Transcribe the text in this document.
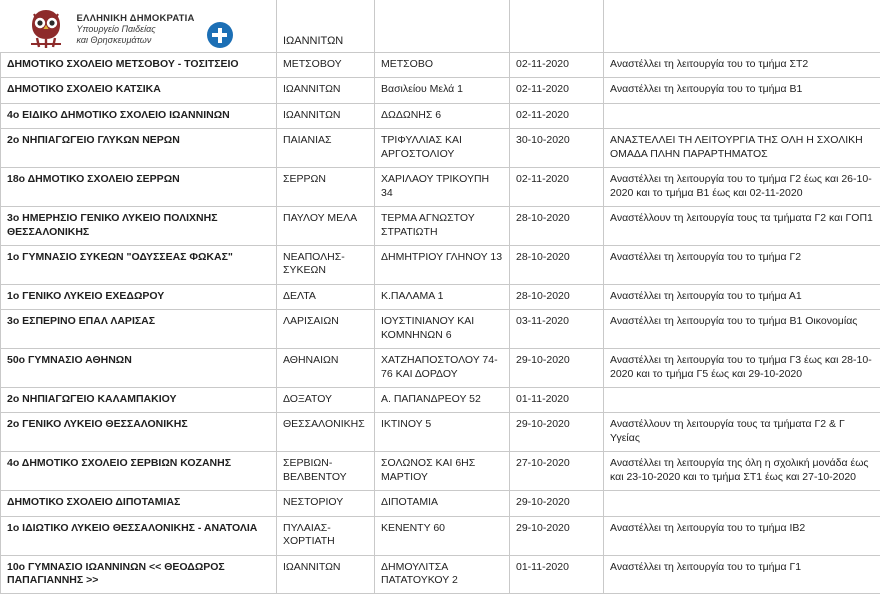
ΕΛΛΗΝΙΚΗ ΔΗΜΟΚΡΑΤΙΑ
Υπουργείο Παιδείας
και Θρησκευμάτων	ΙΩΑΝΝΙΤΩΝ			
ΔΗΜΟΤΙΚΟ ΣΧΟΛΕΙΟ ΜΕΤΣΟΒΟΥ - ΤΟΣΙΤΣΕΙΟ	ΜΕΤΣΟΒΟΥ	ΜΕΤΣΟΒΟ	02-11-2020	Αναστέλλει τη λειτουργία του το τμήμα ΣΤ2
ΔΗΜΟΤΙΚΟ ΣΧΟΛΕΙΟ ΚΑΤΣΙΚΑ	ΙΩΑΝΝΙΤΩΝ	Βασιλείου Μελά 1	02-11-2020	Αναστέλλει τη λειτουργία του το τμήμα Β1
4ο ΕΙΔΙΚΟ ΔΗΜΟΤΙΚΟ ΣΧΟΛΕΙΟ ΙΩΑΝΝΙΝΩΝ	ΙΩΑΝΝΙΤΩΝ	ΔΩΔΩΝΗΣ 6	02-11-2020	
2ο ΝΗΠΙΑΓΩΓΕΙΟ ΓΛΥΚΩΝ ΝΕΡΩΝ	ΠΑΙΑΝΙΑΣ	ΤΡΙΦΥΛΛΙΑΣ ΚΑΙ ΑΡΓΟΣΤΟΛΙΟΥ	30-10-2020	ΑΝΑΣΤΕΛΛΕΙ ΤΗ ΛΕΙΤΟΥΡΓΙΑ ΤΗΣ ΟΛΗ Η ΣΧΟΛΙΚΗ ΟΜΑΔΑ ΠΛΗΝ ΠΑΡΑΡΤΗΜΑΤΟΣ
18ο ΔΗΜΟΤΙΚΟ ΣΧΟΛΕΙΟ ΣΕΡΡΩΝ	ΣΕΡΡΩΝ	ΧΑΡΙΛΑΟΥ ΤΡΙΚΟΥΠΗ 34	02-11-2020	Αναστέλλει τη λειτουργία του το τμήμα Γ2 έως και 26-10-2020 και το τμήμα Β1 έως και 02-11-2020
3ο ΗΜΕΡΗΣΙΟ ΓΕΝΙΚΟ ΛΥΚΕΙΟ ΠΟΛΙΧΝΗΣ ΘΕΣΣΑΛΟΝΙΚΗΣ	ΠΑΥΛΟΥ ΜΕΛΑ	ΤΕΡΜΑ ΑΓΝΩΣΤΟΥ ΣΤΡΑΤΙΩΤΗ	28-10-2020	Αναστέλλουν τη λειτουργία τους τα τμήματα Γ2 και ΓΟΠ1
1ο ΓΥΜΝΑΣΙΟ ΣΥΚΕΩΝ "ΟΔΥΣΣΕΑΣ ΦΩΚΑΣ"	ΝΕΑΠΟΛΗΣ-ΣΥΚΕΩΝ	ΔΗΜΗΤΡΙΟΥ ΓΛΗΝΟΥ 13	28-10-2020	Αναστέλλει τη λειτουργία του το τμήμα Γ2
1ο ΓΕΝΙΚΟ ΛΥΚΕΙΟ ΕΧΕΔΩΡΟΥ	ΔΕΛΤΑ	Κ.ΠΑΛΑΜΑ 1	28-10-2020	Αναστέλλει τη λειτουργία του το τμήμα Α1
3ο ΕΣΠΕΡΙΝΟ ΕΠΑΛ ΛΑΡΙΣΑΣ	ΛΑΡΙΣΑΙΩΝ	ΙΟΥΣΤΙΝΙΑΝΟΥ ΚΑΙ ΚΟΜΝΗΝΩΝ 6	03-11-2020	Αναστέλλει τη λειτουργία του το τμήμα Β1 Οικονομίας
50ο ΓΥΜΝΑΣΙΟ ΑΘΗΝΩΝ	ΑΘΗΝΑΙΩΝ	ΧΑΤΖΗΑΠΟΣΤΟΛΟΥ 74-76 ΚΑΙ ΔΟΡΔΟΥ	29-10-2020	Αναστέλλει τη λειτουργία του το τμήμα Γ3 έως και 28-10-2020 και το τμήμα Γ5 έως και 29-10-2020
2ο ΝΗΠΙΑΓΩΓΕΙΟ ΚΑΛΑΜΠΑΚΙΟΥ	ΔΟΞΑΤΟΥ	Α. ΠΑΠΑΝΔΡΕΟΥ 52	01-11-2020	
2ο ΓΕΝΙΚΟ ΛΥΚΕΙΟ ΘΕΣΣΑΛΟΝΙΚΗΣ	ΘΕΣΣΑΛΟΝΙΚΗΣ	ΙΚΤΙΝΟΥ 5	29-10-2020	Αναστέλλουν τη λειτουργία τους τα τμήματα Γ2 & Γ Υγείας
4ο ΔΗΜΟΤΙΚΟ ΣΧΟΛΕΙΟ ΣΕΡΒΙΩΝ ΚΟΖΑΝΗΣ	ΣΕΡΒΙΩΝ-ΒΕΛΒΕΝΤΟΥ	ΣΟΛΩΝΟΣ ΚΑΙ 6ΗΣ ΜΑΡΤΙΟΥ	27-10-2020	Αναστέλλει τη λειτουργία της όλη η σχολική μονάδα έως και 23-10-2020 και το τμήμα ΣΤ1 έως και 27-10-2020
ΔΗΜΟΤΙΚΟ ΣΧΟΛΕΙΟ ΔΙΠΟΤΑΜΙΑΣ	ΝΕΣΤΟΡΙΟΥ	ΔΙΠΟΤΑΜΙΑ	29-10-2020	
1ο ΙΔΙΩΤΙΚΟ ΛΥΚΕΙΟ ΘΕΣΣΑΛΟΝΙΚΗΣ - ΑΝΑΤΟΛΙΑ	ΠΥΛΑΙΑΣ-ΧΟΡΤΙΑΤΗ	KENENTY 60	29-10-2020	Αναστέλλει τη λειτουργία του το τμήμα ΙΒ2
10ο ΓΥΜΝΑΣΙΟ ΙΩΑΝΝΙΝΩΝ << ΘΕΟΔΩΡΟΣ ΠΑΠΑΓΙΑΝΝΗΣ >>	ΙΩΑΝΝΙΤΩΝ	ΔΗΜΟΥΛΙΤΣΑ ΠΑΤΑΤΟΥΚΟΥ 2	01-11-2020	Αναστέλλει τη λειτουργία του το τμήμα Γ1
